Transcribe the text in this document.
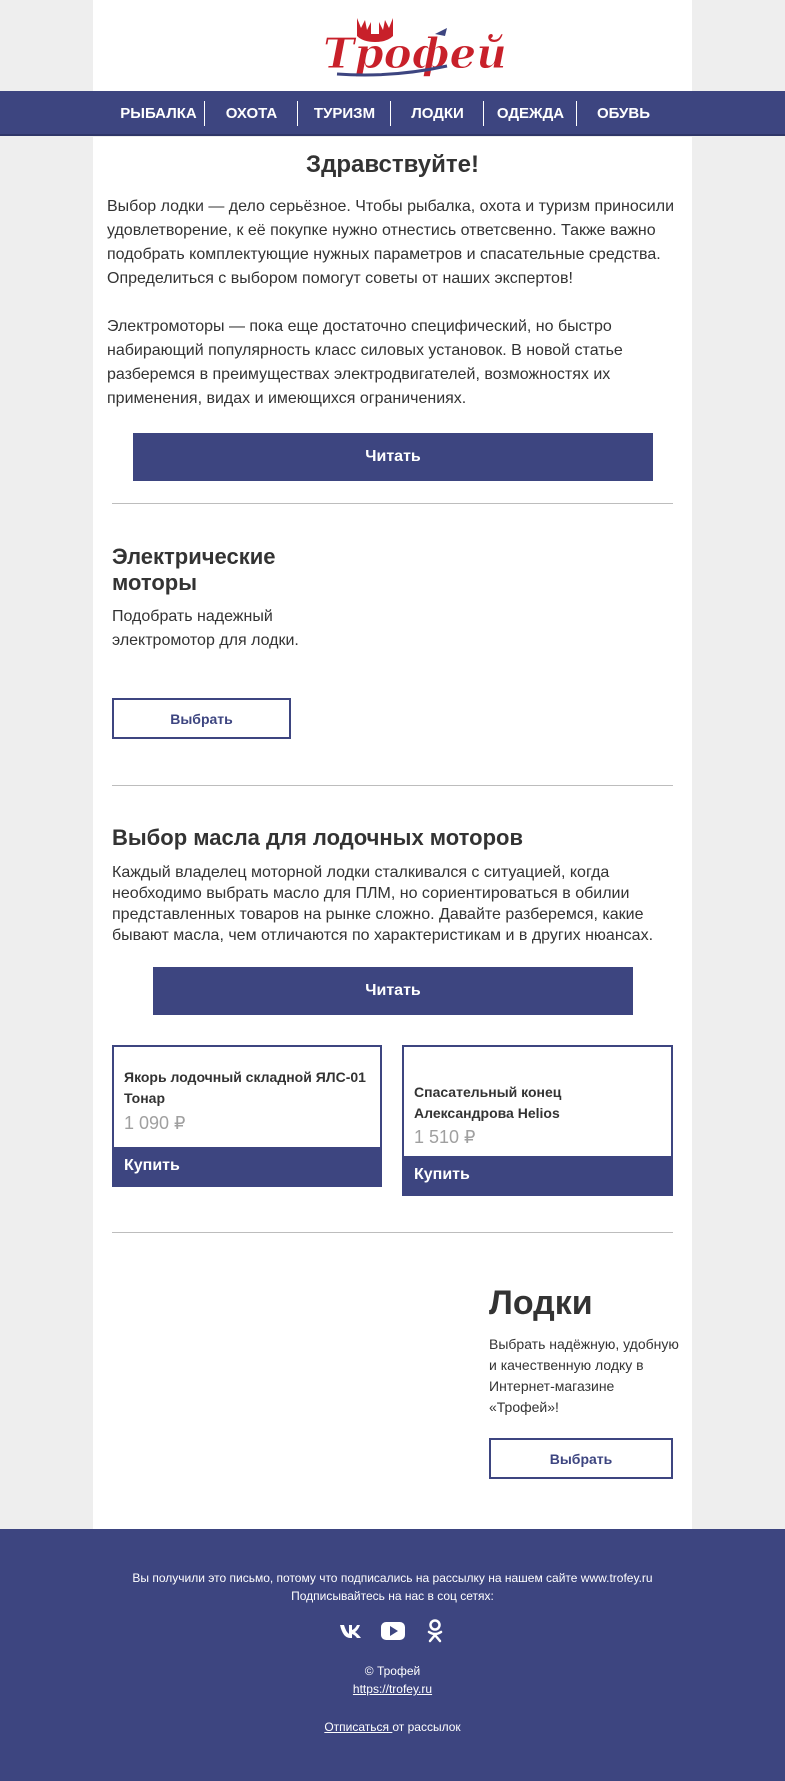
Трофей
РЫБАЛКА ОХОТА ТУРИЗМ ЛОДКИ ОДЕЖДА ОБУВЬ
Здравствуйте!

Выбор лодки — дело серьёзное. Чтобы рыбалка, охота и туризм приносили удовлетворение, к её покупке нужно отнестись ответсвенно. Также важно подобрать комплектующие нужных параметров и спасательные средства. Определиться с выбором помогут советы от наших экспертов!

Электромоторы — пока еще достаточно специфический, но быстро набирающий популярность класс силовых установок. В новой статье разберемся в преимуществах электродвигателей, возможностях их применения, видах и имеющихся ограничениях.

Читать
Электрические моторы
Подобрать надежный электромотор для лодки.
Выбрать
Выбор масла для лодочных моторов
Каждый владелец моторной лодки сталкивался с ситуацией, когда необходимо выбрать масло для ПЛМ, но сориентироваться в обилии представленных товаров на рынке сложно. Давайте разберемся, какие бывают масла, чем отличаются по характеристикам и в других нюансах.
Читать
Якорь лодочный складной ЯЛС-01 Тонар
1 090 ₽
Купить
Спасательный конец Александрова Helios
1 510 ₽
Купить
Лодки
Выбрать надёжную, удобную и качественную лодку в Интернет-магазине «Трофей»!
Выбрать
Вы получили это письмо, потому что подписались на рассылку на нашем сайте www.trofey.ru
Подписывайтесь на нас в соц сетях:
© Трофей
https://trofey.ru
Отписаться от рассылок
